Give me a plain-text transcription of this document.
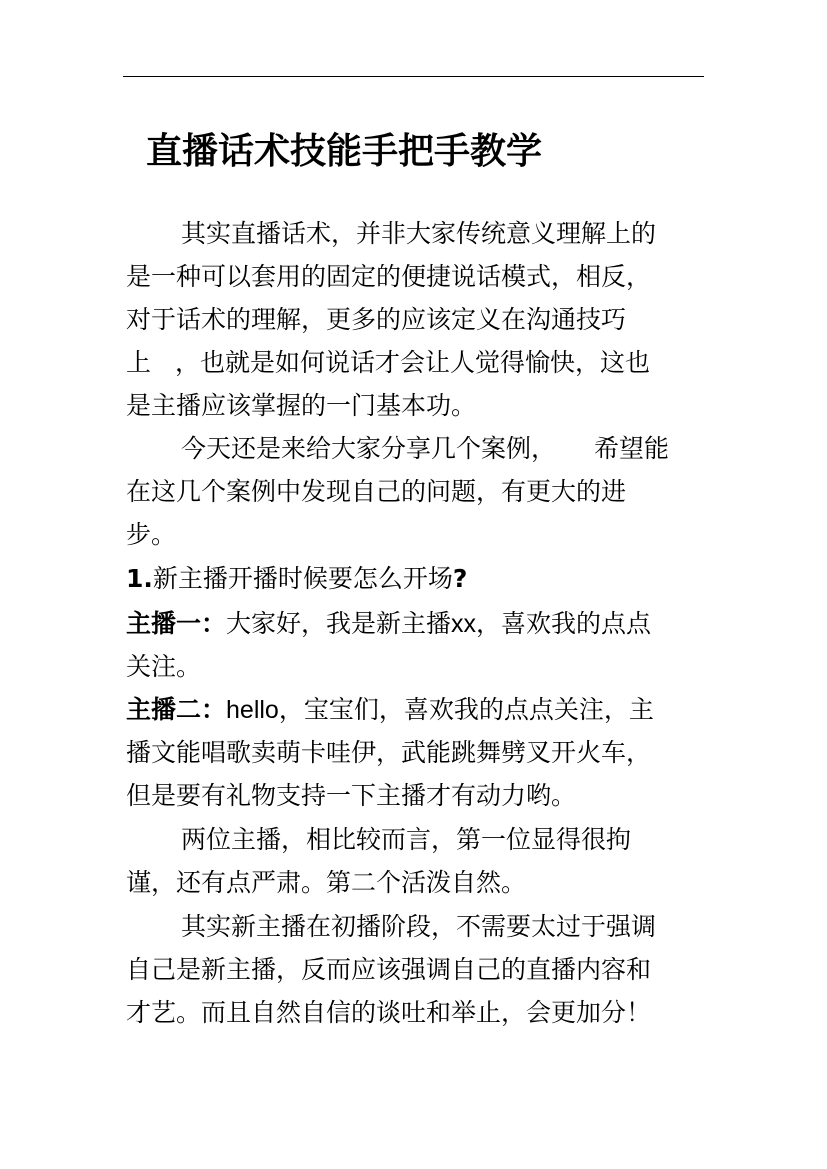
直播话术技能手把手教学

其实直播话术，并非大家传统意义理解上的

是一种可以套用的固定的便捷说话模式，相反，

对于话术的理解，更多的应该定义在沟通技巧

上 ，也就是如何说话才会让人觉得愉快，这也

是主播应该掌握的一门基本功。

今天还是来给大家分享几个案例， 希望能

在这几个案例中发现自己的问题，有更大的进

步。

1.新主播开播时候要怎么开场?

主播一：大家好，我是新主播xx，喜欢我的点点

关注。

主播二：hello，宝宝们，喜欢我的点点关注，主

播文能唱歌卖萌卡哇伊，武能跳舞劈叉开火车，

但是要有礼物支持一下主播才有动力哟。

两位主播，相比较而言，第一位显得很拘

谨，还有点严肃。第二个活泼自然。

其实新主播在初播阶段，不需要太过于强调

自己是新主播，反而应该强调自己的直播内容和

才艺。而且自然自信的谈吐和举止，会更加分！
